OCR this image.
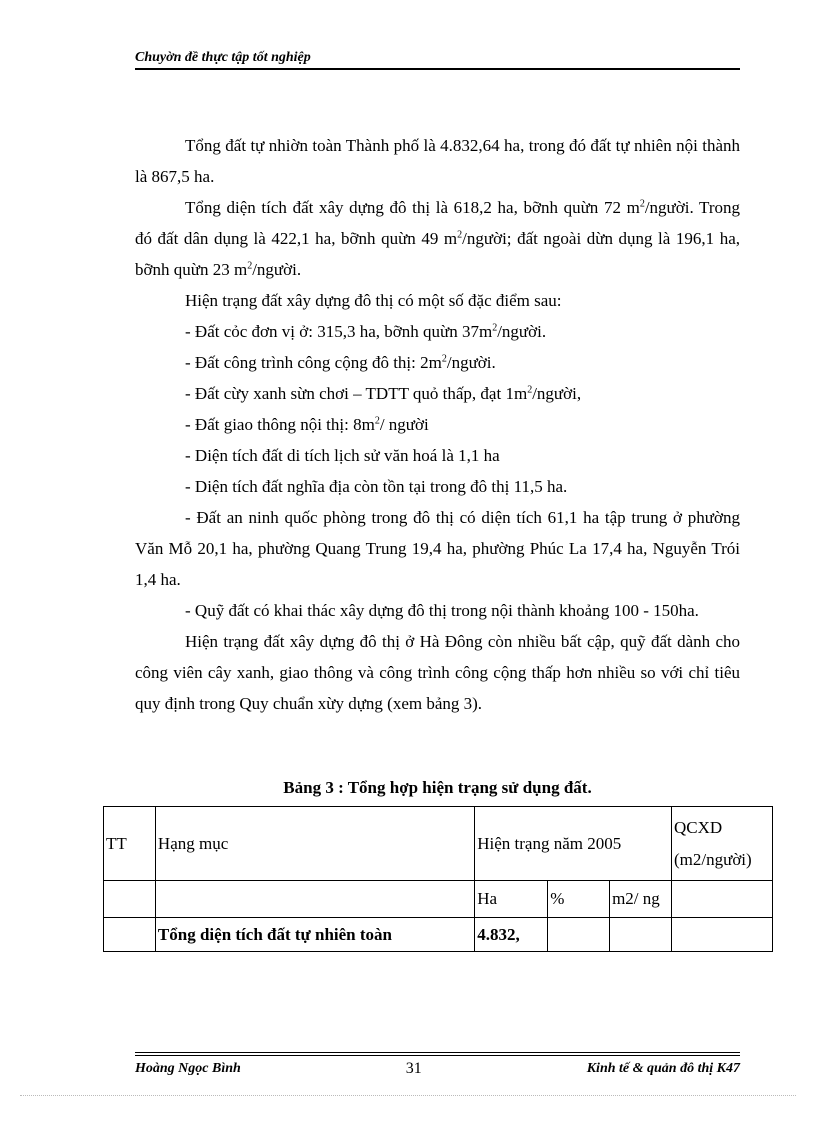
Chuyờn đề thực tập tốt nghiệp

Tổng đất tự nhiờn toàn Thành phố là 4.832,64 ha, trong đó đất tự nhiên nội thành là 867,5 ha.

Tổng diện tích đất xây dựng đô thị là 618,2 ha, bỡnh quừn 72 $m^2$/người. Trong đó đất dân dụng là 422,1 ha, bỡnh quừn 49 $m^2$/người; đất ngoài dừn dụng là 196,1 ha, bỡnh quừn 23 $m^2$/người.

Hiện trạng đất xây dựng đô thị có một số đặc điểm sau:

- Đất cỏc đơn vị ở: 315,3 ha, bỡnh quừn $37m^2$/người.

- Đất công trình công cộng đô thị: $2m^2$/người.

- Đất cừy xanh sừn chơi – TDTT quỏ thấp, đạt $1m^2$/người,

- Đất giao thông nội thị: $8m^2/$ người

- Diện tích đất di tích lịch sử văn hoá là 1,1 ha

- Diện tích đất nghĩa địa còn tồn tại trong đô thị 11,5 ha.

- Đất an ninh quốc phòng trong đô thị có diện tích 61,1 ha tập trung ở phường Văn Mỗ 20,1 ha, phường Quang Trung 19,4 ha, phường Phúc La 17,4 ha, Nguyễn Trói 1,4 ha.

- Quỹ đất có khai thác xây dựng đô thị trong nội thành khoảng 100 - 150ha.

Hiện trạng đất xây dựng đô thị ở Hà Đông còn nhiều bất cập, quỹ đất dành cho công viên cây xanh, giao thông và công trình công cộng thấp hơn nhiều so với chỉ tiêu quy định trong Quy chuẩn xừy dựng (xem bảng 3).

Bảng 3 : Tổng hợp hiện trạng sử dụng đất.
TT	Hạng mục	Hiện trạng năm 2005			QCXD
(m2/người)
		Ha	%	m2/ ng	
	Tổng diện tích đất tự nhiên toàn	4.832,			
Hoàng Ngọc Bình	31	Kinh tế & quản đô thị K47
